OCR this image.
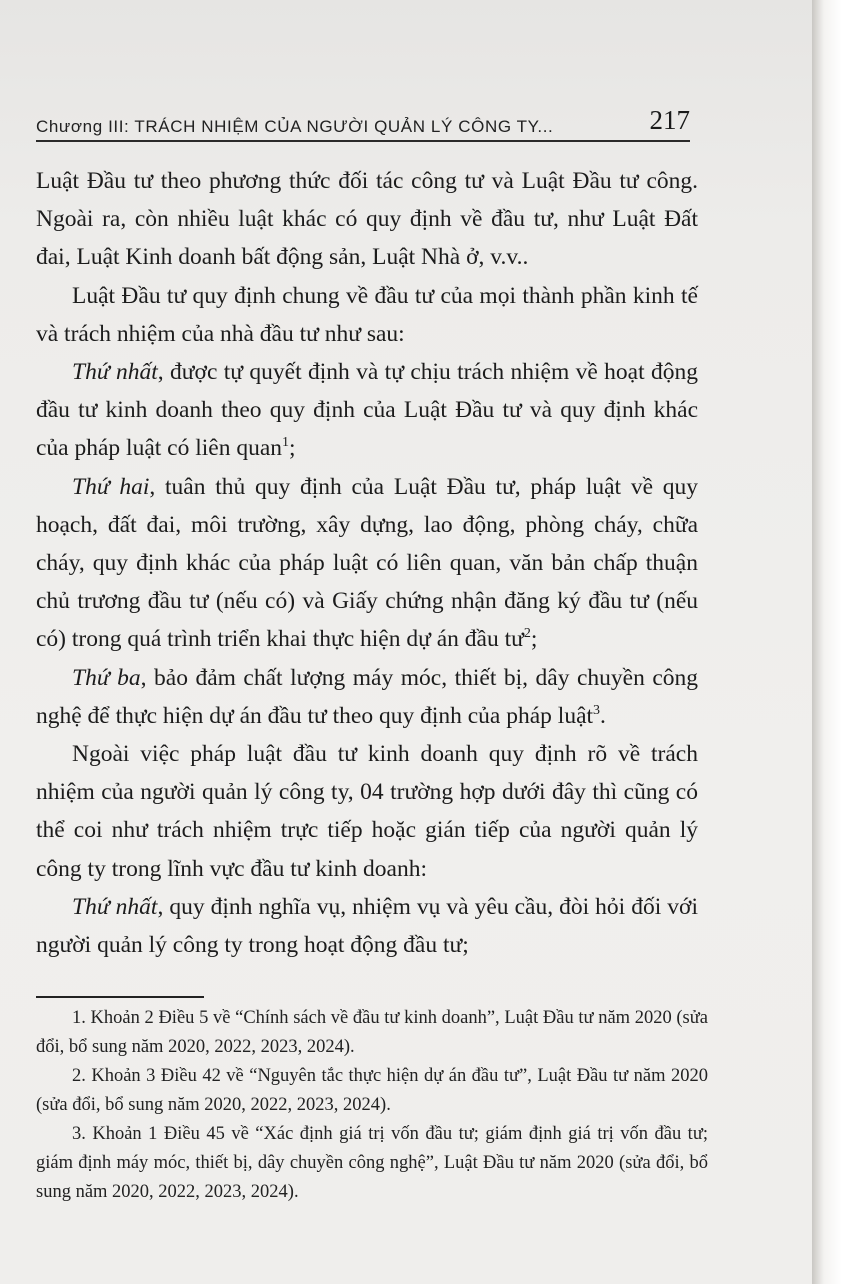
Chương III: TRÁCH NHIỆM CỦA NGƯỜI QUẢN LÝ CÔNG TY...	217

Luật Đầu tư theo phương thức đối tác công tư và Luật Đầu tư công. Ngoài ra, còn nhiều luật khác có quy định về đầu tư, như Luật Đất đai, Luật Kinh doanh bất động sản, Luật Nhà ở, v.v..

Luật Đầu tư quy định chung về đầu tư của mọi thành phần kinh tế và trách nhiệm của nhà đầu tư như sau:

Thứ nhất, được tự quyết định và tự chịu trách nhiệm về hoạt động đầu tư kinh doanh theo quy định của Luật Đầu tư và quy định khác của pháp luật có liên quan$^1$;

Thứ hai, tuân thủ quy định của Luật Đầu tư, pháp luật về quy hoạch, đất đai, môi trường, xây dựng, lao động, phòng cháy, chữa cháy, quy định khác của pháp luật có liên quan, văn bản chấp thuận chủ trương đầu tư (nếu có) và Giấy chứng nhận đăng ký đầu tư (nếu có) trong quá trình triển khai thực hiện dự án đầu $tư^2$;

Thứ ba, bảo đảm chất lượng máy móc, thiết bị, dây chuyền công nghệ để thực hiện dự án đầu tư theo quy định của pháp luật$^3$.

Ngoài việc pháp luật đầu tư kinh doanh quy định rõ về trách nhiệm của người quản lý công ty, 04 trường hợp dưới đây thì cũng có thể coi như trách nhiệm trực tiếp hoặc gián tiếp của người quản lý công ty trong lĩnh vực đầu tư kinh doanh:

Thứ nhất, quy định nghĩa vụ, nhiệm vụ và yêu cầu, đòi hỏi đối với người quản lý công ty trong hoạt động đầu tư;

1. Khoản 2 Điều 5 về “Chính sách về đầu tư kinh doanh”, Luật Đầu tư năm 2020 (sửa đổi, bổ sung năm 2020, 2022, 2023, 2024).

2. Khoản 3 Điều 42 về “Nguyên tắc thực hiện dự án đầu tư”, Luật Đầu tư năm 2020 (sửa đổi, bổ sung năm 2020, 2022, 2023, 2024).

3. Khoản 1 Điều 45 về “Xác định giá trị vốn đầu tư; giám định giá trị vốn đầu tư; giám định máy móc, thiết bị, dây chuyền công nghệ”, Luật Đầu tư năm 2020 (sửa đổi, bổ sung năm 2020, 2022, 2023, 2024).
